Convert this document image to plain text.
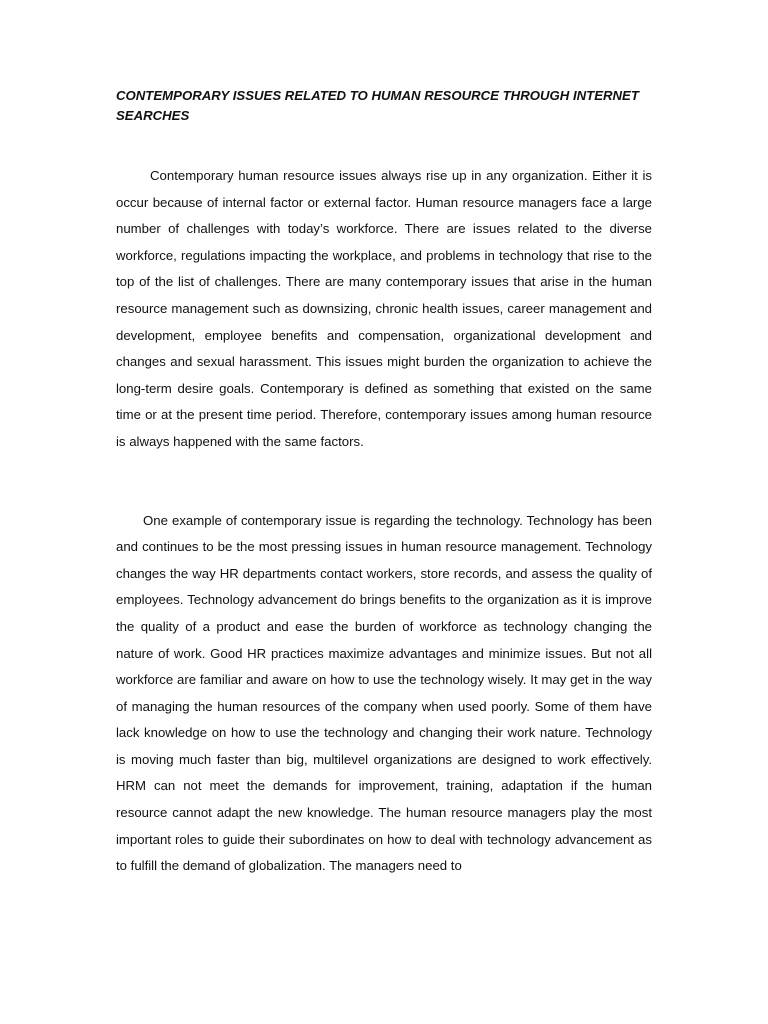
CONTEMPORARY ISSUES RELATED TO HUMAN RESOURCE THROUGH INTERNET SEARCHES

Contemporary human resource issues always rise up in any organization. Either it is occur because of internal factor or external factor. Human resource managers face a large number of challenges with today’s workforce. There are issues related to the diverse workforce, regulations impacting the workplace, and problems in technology that rise to the top of the list of challenges. There are many contemporary issues that arise in the human resource management such as downsizing, chronic health issues, career management and development, employee benefits and compensation, organizational development and changes and sexual harassment. This issues might burden the organization to achieve the long-term desire goals. Contemporary is defined as something that existed on the same time or at the present time period. Therefore, contemporary issues among human resource is always happened with the same factors.

One example of contemporary issue is regarding the technology. Technology has been and continues to be the most pressing issues in human resource management. Technology changes the way HR departments contact workers, store records, and assess the quality of employees. Technology advancement do brings benefits to the organization as it is improve the quality of a product and ease the burden of workforce as technology changing the nature of work. Good HR practices maximize advantages and minimize issues. But not all workforce are familiar and aware on how to use the technology wisely. It may get in the way of managing the human resources of the company when used poorly. Some of them have lack knowledge on how to use the technology and changing their work nature. Technology is moving much faster than big, multilevel organizations are designed to work effectively. HRM can not meet the demands for improvement, training, adaptation if the human resource cannot adapt the new knowledge. The human resource managers play the most important roles to guide their subordinates on how to deal with technology advancement as to fulfill the demand of globalization. The managers need to
